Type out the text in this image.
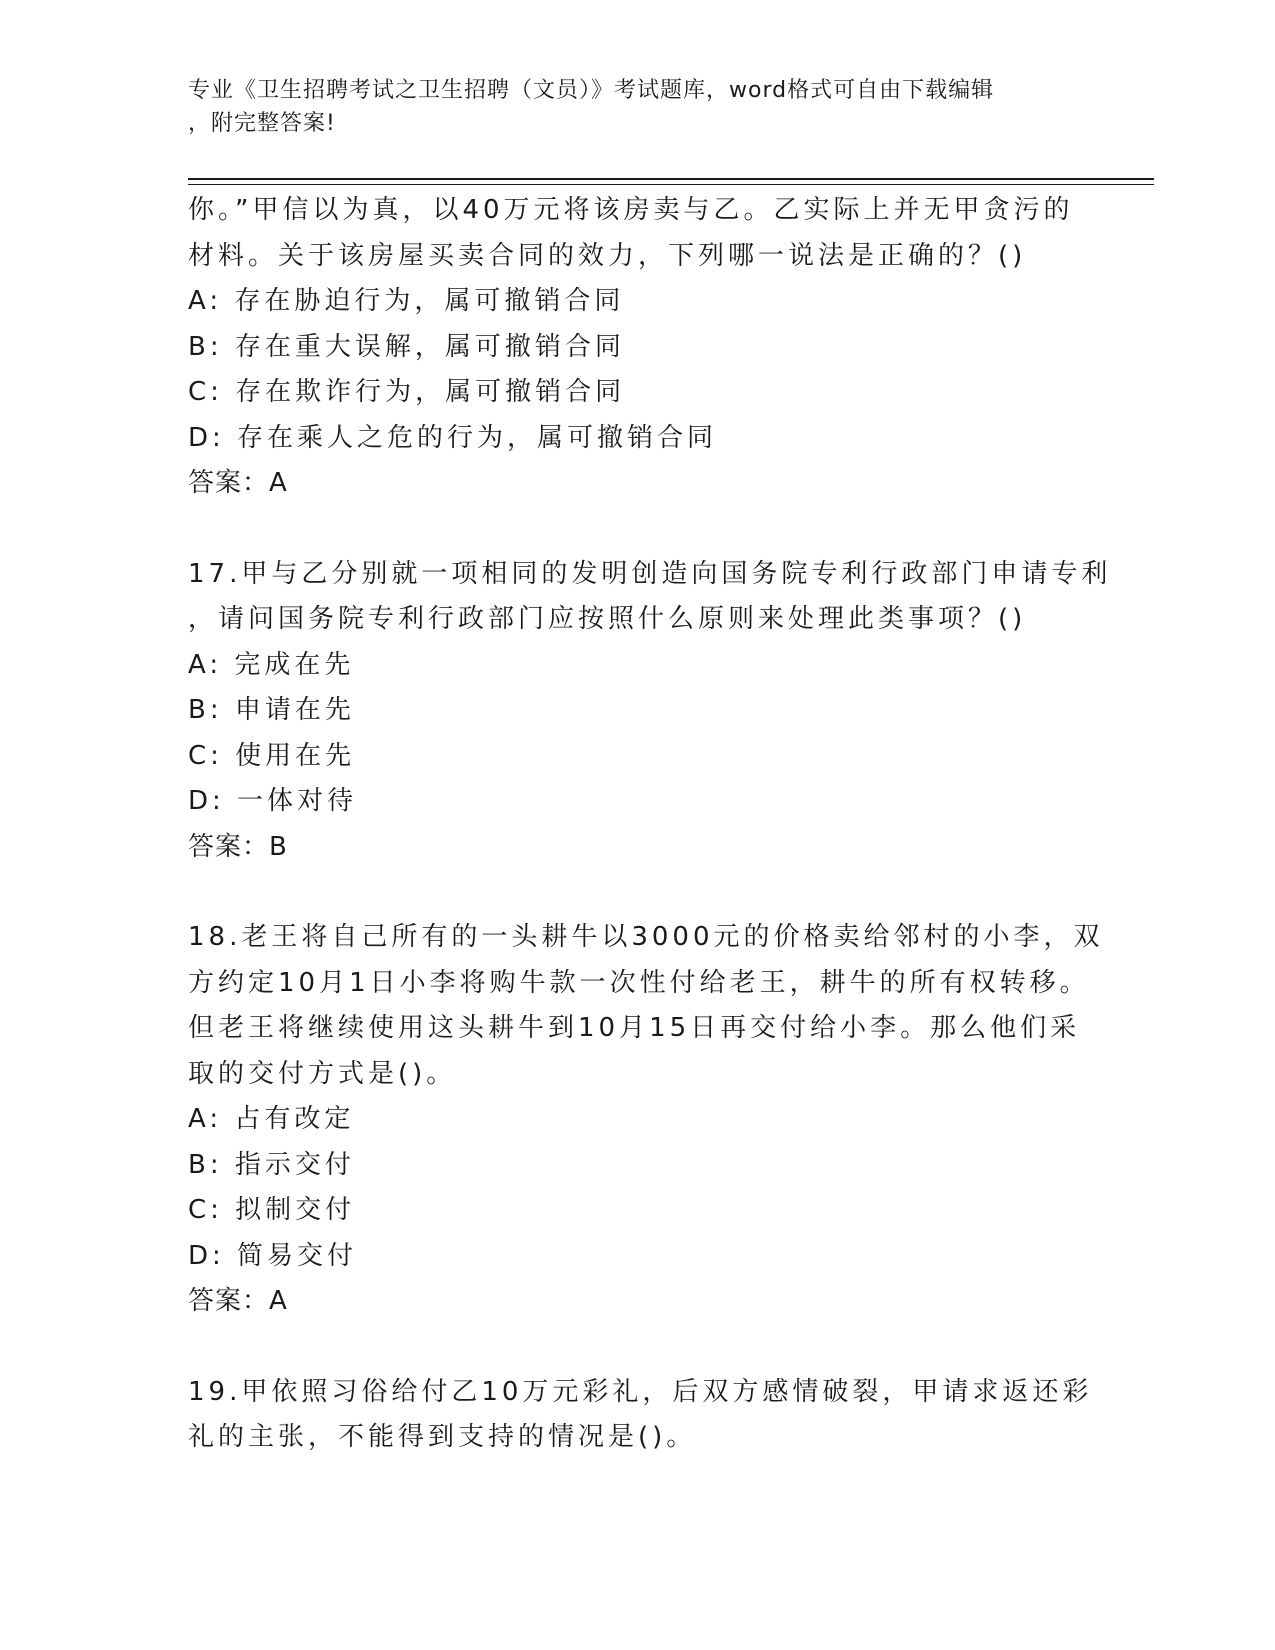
专业《卫生招聘考试之卫生招聘（文员）》考试题库，word格式可自由下载编辑
，附完整答案!
你。”甲信以为真，以40万元将该房卖与乙。乙实际上并无甲贪污的
材料。关于该房屋买卖合同的效力，下列哪一说法是正确的？()
A: 存在胁迫行为，属可撤销合同
B: 存在重大误解，属可撤销合同
C: 存在欺诈行为，属可撤销合同
D: 存在乘人之危的行为，属可撤销合同
答案：A
17.甲与乙分别就一项相同的发明创造向国务院专利行政部门申请专利
，请问国务院专利行政部门应按照什么原则来处理此类事项？()
A: 完成在先
B: 申请在先
C: 使用在先
D: 一体对待
答案：B
18.老王将自己所有的一头耕牛以3000元的价格卖给邻村的小李，双
方约定10月1日小李将购牛款一次性付给老王，耕牛的所有权转移。
但老王将继续使用这头耕牛到10月15日再交付给小李。那么他们采
取的交付方式是()。
A: 占有改定
B: 指示交付
C: 拟制交付
D: 简易交付
答案：A
19.甲依照习俗给付乙10万元彩礼，后双方感情破裂，甲请求返还彩
礼的主张，不能得到支持的情况是()。
